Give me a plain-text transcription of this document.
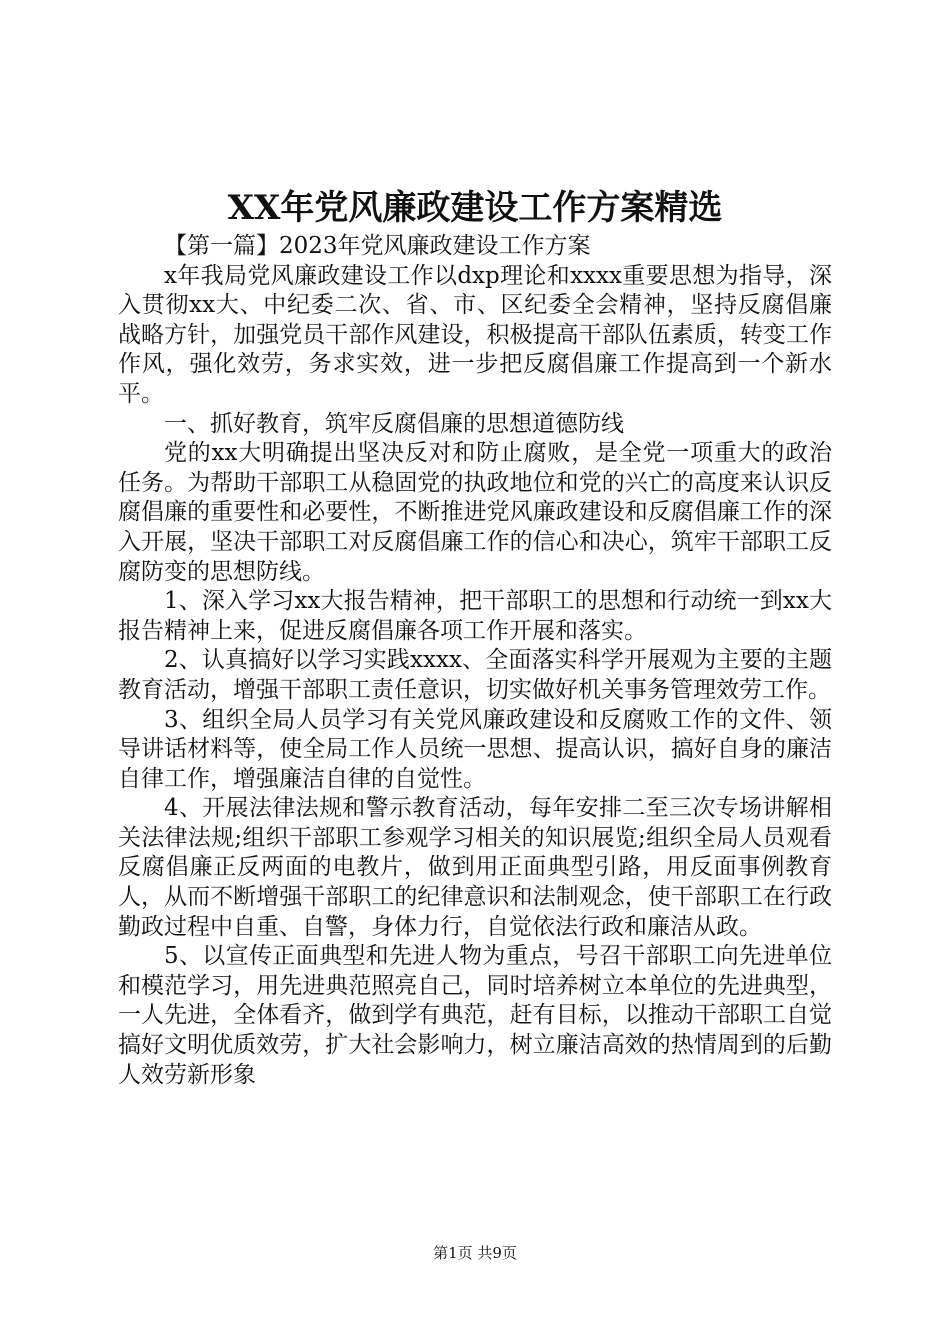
XX年党风廉政建设工作方案精选

【第一篇】2023年党风廉政建设工作方案

x年我局党风廉政建设工作以dxp理论和xxxx重要思想为指导，深入贯彻xx大、中纪委二次、省、市、区纪委全会精神，坚持反腐倡廉战略方针，加强党员干部作风建设，积极提高干部队伍素质，转变工作作风，强化效劳，务求实效，进一步把反腐倡廉工作提高到一个新水平。

一、抓好教育，筑牢反腐倡廉的思想道德防线

党的xx大明确提出坚决反对和防止腐败，是全党一项重大的政治任务。为帮助干部职工从稳固党的执政地位和党的兴亡的高度来认识反腐倡廉的重要性和必要性，不断推进党风廉政建设和反腐倡廉工作的深入开展，坚决干部职工对反腐倡廉工作的信心和决心，筑牢干部职工反腐防变的思想防线。

1、深入学习xx大报告精神，把干部职工的思想和行动统一到xx大报告精神上来，促进反腐倡廉各项工作开展和落实。

2、认真搞好以学习实践xxxx、全面落实科学开展观为主要的主题教育活动，增强干部职工责任意识，切实做好机关事务管理效劳工作。

3、组织全局人员学习有关党风廉政建设和反腐败工作的文件、领导讲话材料等，使全局工作人员统一思想、提高认识，搞好自身的廉洁自律工作，增强廉洁自律的自觉性。

4、开展法律法规和警示教育活动，每年安排二至三次专场讲解相关法律法规;组织干部职工参观学习相关的知识展览;组织全局人员观看反腐倡廉正反两面的电教片，做到用正面典型引路，用反面事例教育人，从而不断增强干部职工的纪律意识和法制观念，使干部职工在行政勤政过程中自重、自警，身体力行，自觉依法行政和廉洁从政。

5、以宣传正面典型和先进人物为重点，号召干部职工向先进单位和模范学习，用先进典范照亮自己，同时培养树立本单位的先进典型，一人先进，全体看齐，做到学有典范，赶有目标，以推动干部职工自觉搞好文明优质效劳，扩大社会影响力，树立廉洁高效的热情周到的后勤人效劳新形象

第1页 共9页
